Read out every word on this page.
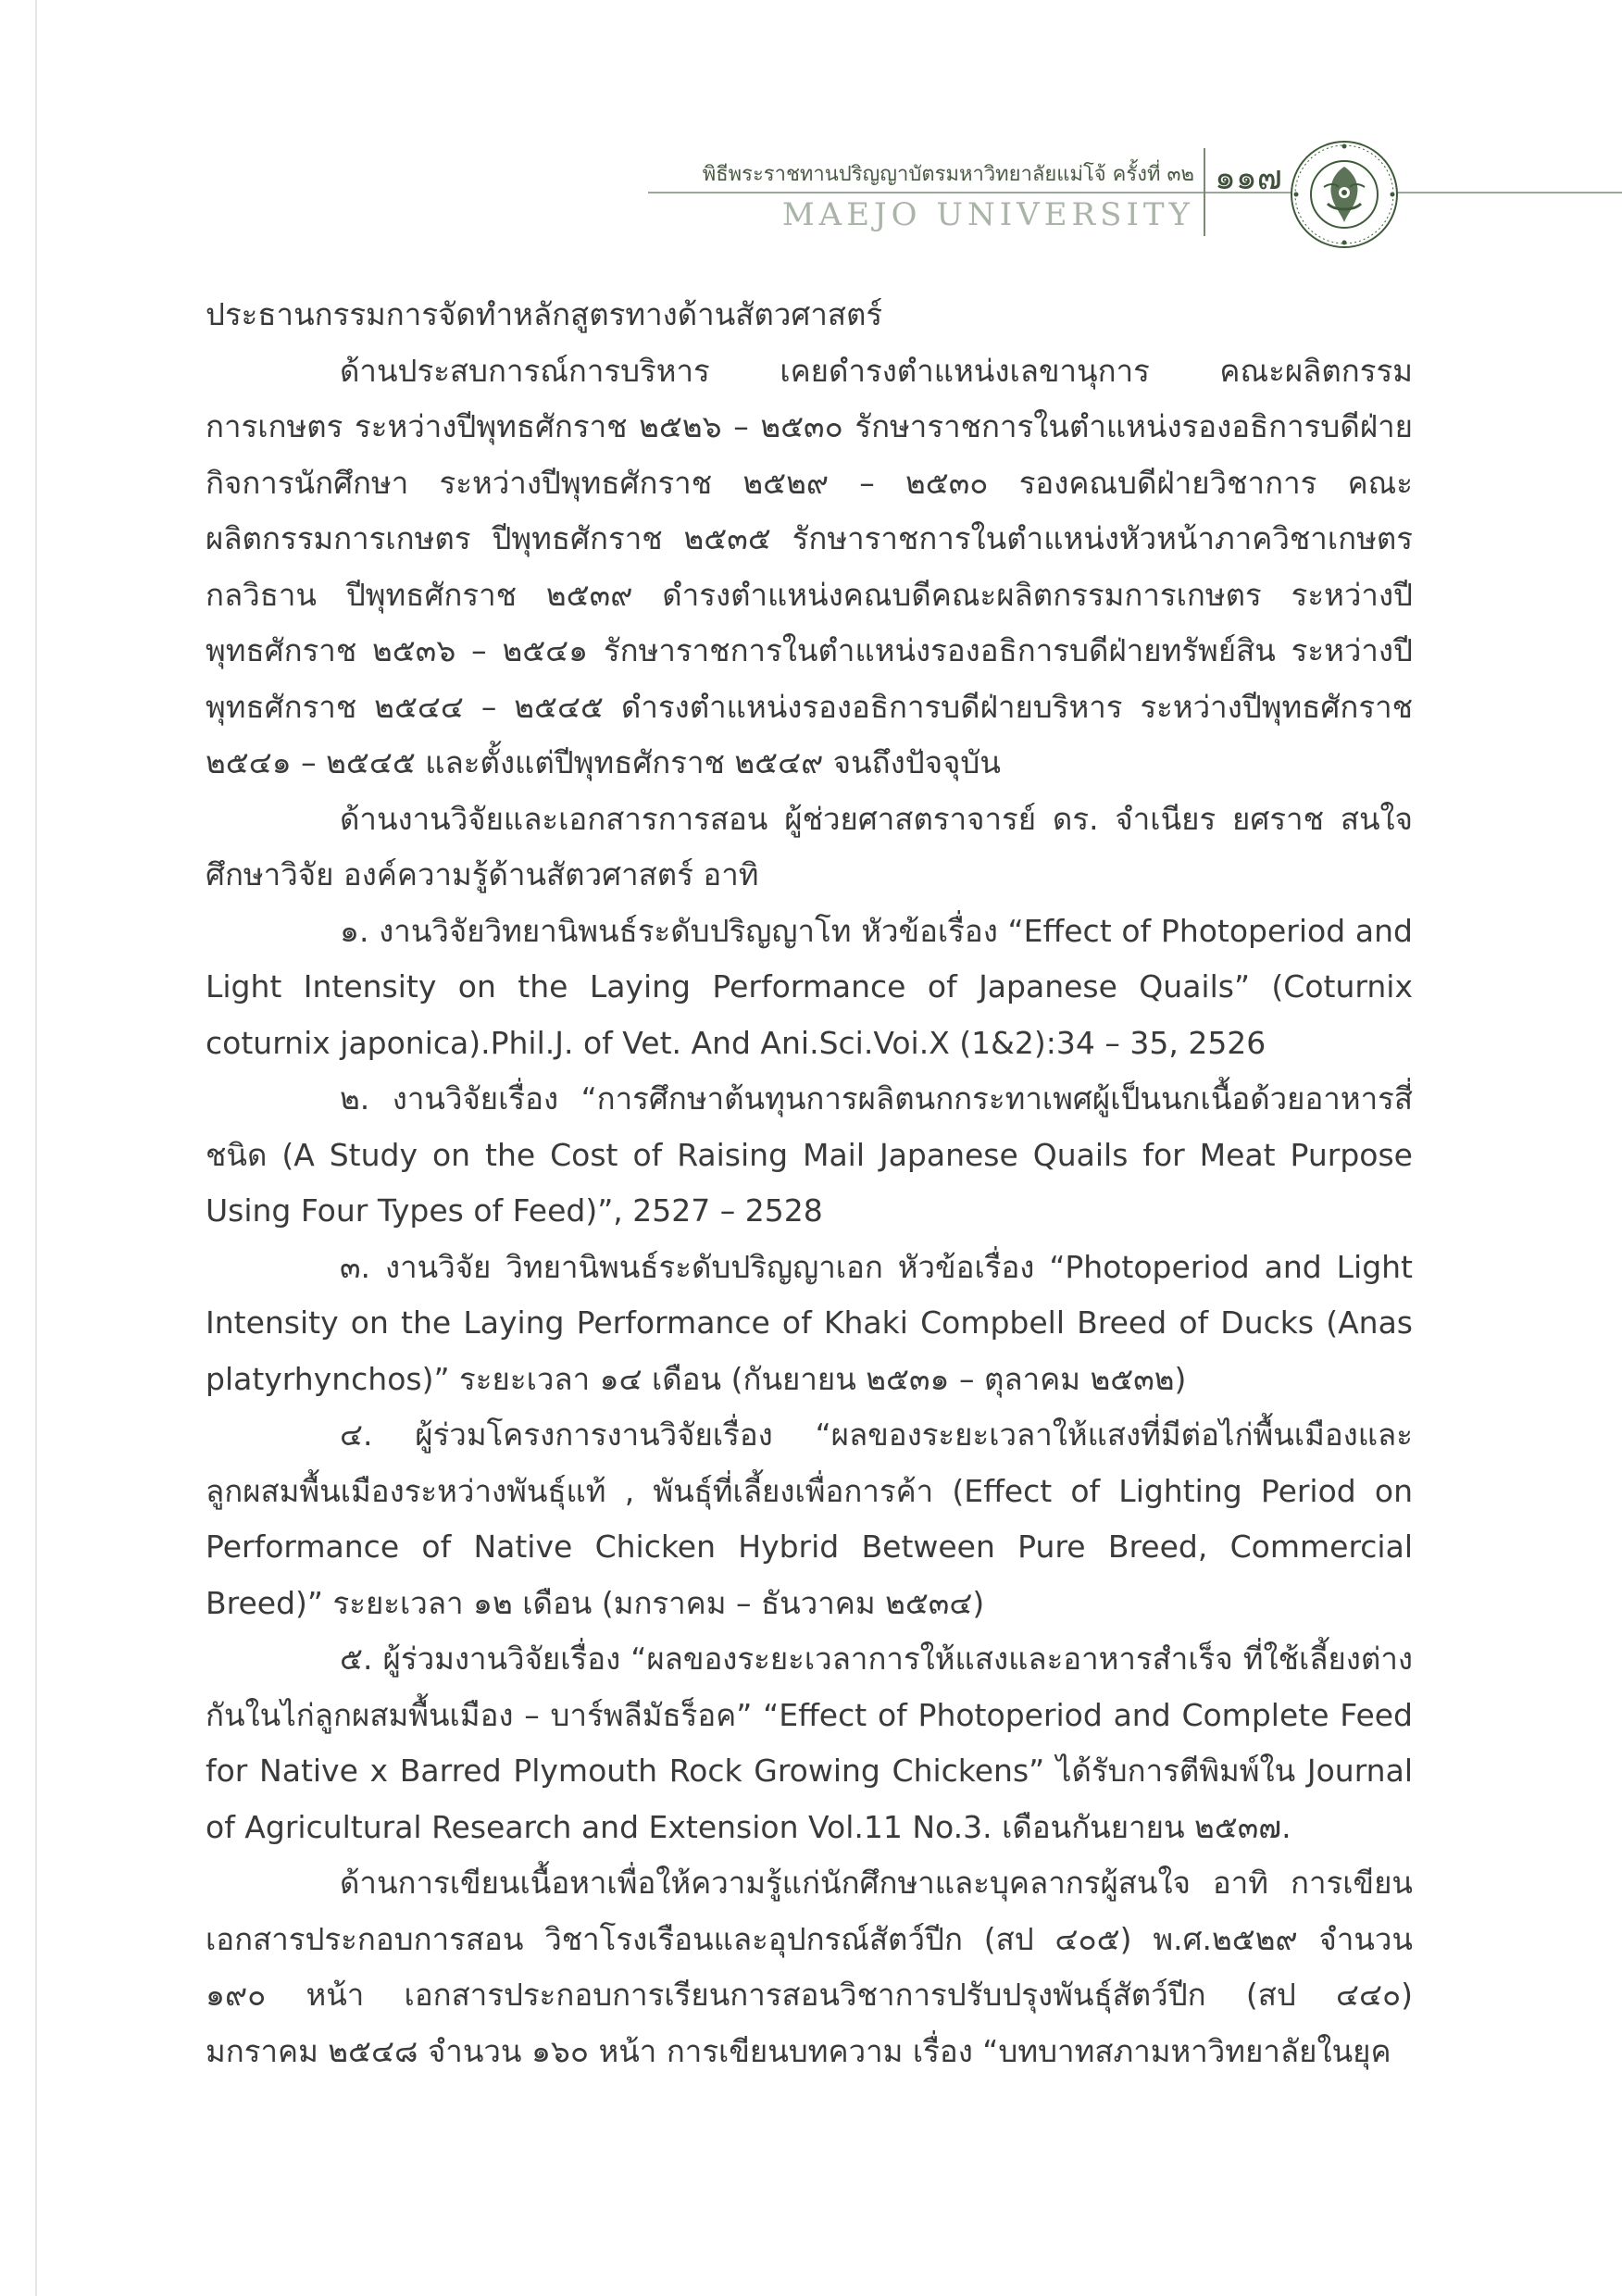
พิธีพระราชทานปริญญาบัตรมหาวิทยาลัยแม่โจ้ ครั้งที่ ๓๒
MAEJO UNIVERSITY
๑๑๗

ประธานกรรมการจัดทำหลักสูตรทางด้านสัตวศาสตร์

ด้านประสบการณ์การบริหาร เคยดำรงตำแหน่งเลขานุการ คณะผลิตกรรมการเกษตร ระหว่างปีพุทธศักราช ๒๕๒๖ – ๒๕๓๐ รักษาราชการในตำแหน่งรองอธิการบดีฝ่ายกิจการนักศึกษา ระหว่างปีพุทธศักราช ๒๕๒๙ – ๒๕๓๐ รองคณบดีฝ่ายวิชาการ คณะผลิตกรรมการเกษตร ปีพุทธศักราช ๒๕๓๕ รักษาราชการในตำแหน่งหัวหน้าภาควิชาเกษตรกลวิธาน ปีพุทธศักราช ๒๕๓๙ ดำรงตำแหน่งคณบดีคณะผลิตกรรมการเกษตร ระหว่างปีพุทธศักราช ๒๕๓๖ – ๒๕๔๑ รักษาราชการในตำแหน่งรองอธิการบดีฝ่ายทรัพย์สิน ระหว่างปีพุทธศักราช ๒๕๔๔ – ๒๕๔๕ ดำรงตำแหน่งรองอธิการบดีฝ่ายบริหาร ระหว่างปีพุทธศักราช ๒๕๔๑ – ๒๕๔๕ และตั้งแต่ปีพุทธศักราช ๒๕๔๙ จนถึงปัจจุบัน

ด้านงานวิจัยและเอกสารการสอน ผู้ช่วยศาสตราจารย์ ดร. จำเนียร ยศราช สนใจศึกษาวิจัย องค์ความรู้ด้านสัตวศาสตร์ อาทิ

๑. งานวิจัยวิทยานิพนธ์ระดับปริญญาโท หัวข้อเรื่อง “Effect of Photoperiod and Light Intensity on the Laying Performance of Japanese Quails” (Coturnix coturnix japonica).Phil.J. of Vet. And Ani.Sci.Voi.X (1&2):34 – 35, 2526

๒. งานวิจัยเรื่อง “การศึกษาต้นทุนการผลิตนกกระทาเพศผู้เป็นนกเนื้อด้วยอาหารสี่ชนิด (A Study on the Cost of Raising Mail Japanese Quails for Meat Purpose Using Four Types of Feed)”, 2527 – 2528

๓. งานวิจัย วิทยานิพนธ์ระดับปริญญาเอก หัวข้อเรื่อง “Photoperiod and Light Intensity on the Laying Performance of Khaki Compbell Breed of Ducks (Anas platyrhynchos)” ระยะเวลา ๑๔ เดือน (กันยายน ๒๕๓๑ – ตุลาคม ๒๕๓๒)

๔. ผู้ร่วมโครงการงานวิจัยเรื่อง “ผลของระยะเวลาให้แสงที่มีต่อไก่พื้นเมืองและลูกผสมพื้นเมืองระหว่างพันธุ์แท้ , พันธุ์ที่เลี้ยงเพื่อการค้า (Effect of Lighting Period on Performance of Native Chicken Hybrid Between Pure Breed, Commercial Breed)” ระยะเวลา ๑๒ เดือน (มกราคม – ธันวาคม ๒๕๓๔)

๕. ผู้ร่วมงานวิจัยเรื่อง “ผลของระยะเวลาการให้แสงและอาหารสำเร็จ ที่ใช้เลี้ยงต่างกันในไก่ลูกผสมพื้นเมือง – บาร์พลีมัธร็อค” “Effect of Photoperiod and Complete Feed for Native x Barred Plymouth Rock Growing Chickens” ได้รับการตีพิมพ์ใน Journal of Agricultural Research and Extension Vol.11 No.3. เดือนกันยายน ๒๕๓๗.

ด้านการเขียนเนื้อหาเพื่อให้ความรู้แก่นักศึกษาและบุคลากรผู้สนใจ อาทิ การเขียนเอกสารประกอบการสอน วิชาโรงเรือนและอุปกรณ์สัตว์ปีก (สป ๔๐๕) พ.ศ.๒๕๒๙ จำนวน ๑๙๐ หน้า เอกสารประกอบการเรียนการสอนวิชาการปรับปรุงพันธุ์สัตว์ปีก (สป ๔๔๐) มกราคม ๒๕๔๘ จำนวน ๑๖๐ หน้า การเขียนบทความ เรื่อง “บทบาทสภามหาวิทยาลัยในยุค
